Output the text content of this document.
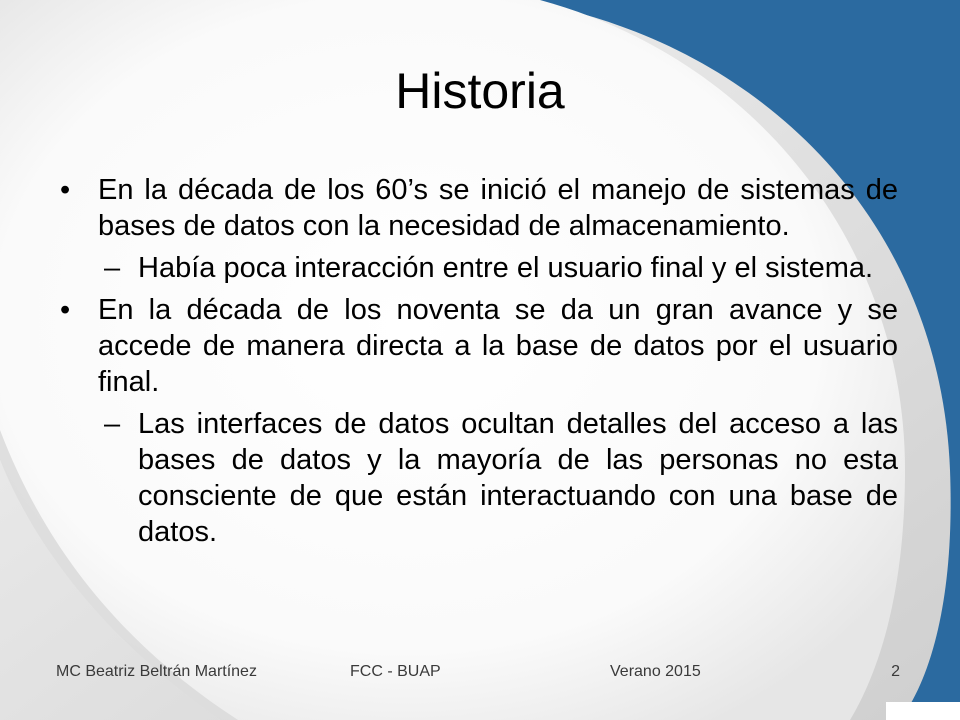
Historia
• En la década de los 60’s se inició el manejo de sistemas de bases de datos con la necesidad de almacenamiento.
– Había poca interacción entre el usuario final y el sistema.
• En la década de los noventa se da un gran avance y se accede de manera directa a la base de datos por el usuario final.
– Las interfaces de datos ocultan detalles del acceso a las bases de datos y la mayoría de las personas no esta consciente de que están interactuando con una base de datos.
MC Beatriz Beltrán Martínez	FCC - BUAP	Verano 2015	2
